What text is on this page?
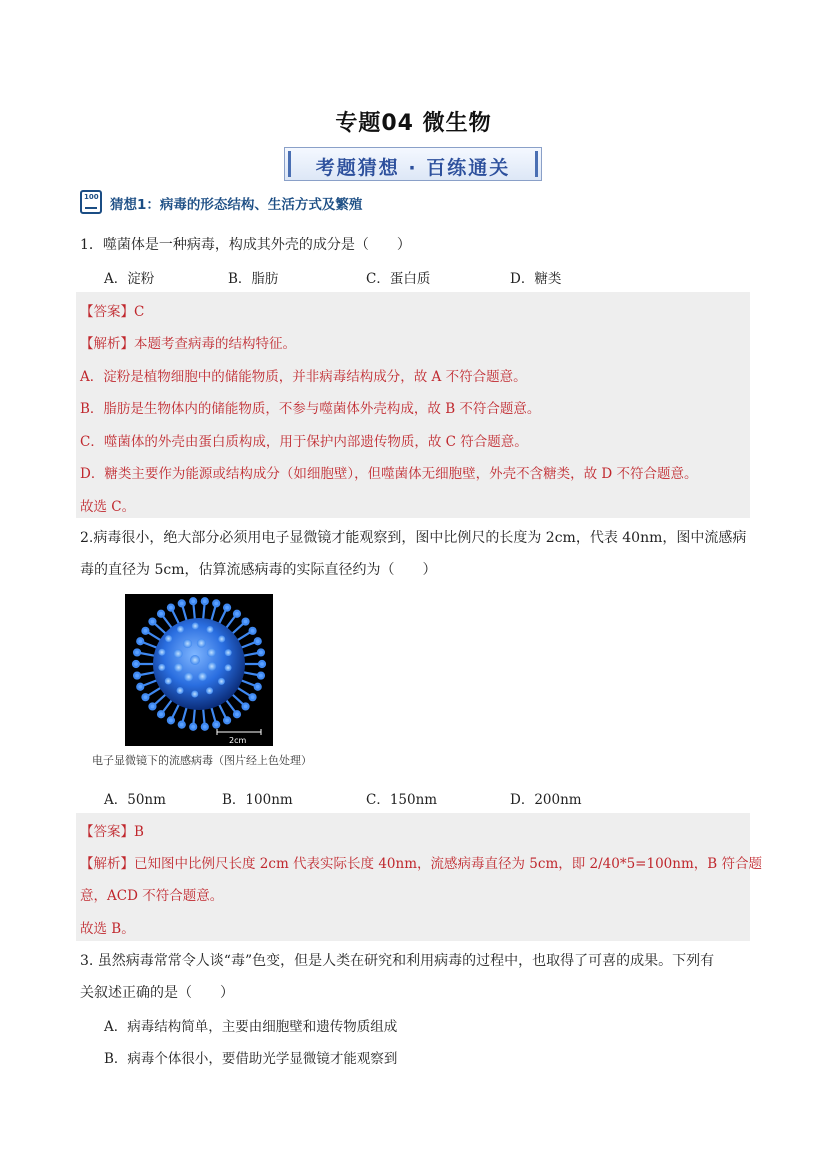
专题04 微生物
考题猜想 · 百练通关
100 猜想1：病毒的形态结构、生活方式及繁殖
1．噬菌体是一种病毒，构成其外壳的成分是（　　）
A．淀粉	B．脂肪	C．蛋白质	D．糖类
【答案】C
【解析】本题考查病毒的结构特征。
A．淀粉是植物细胞中的储能物质，并非病毒结构成分，故 A 不符合题意。
B．脂肪是生物体内的储能物质，不参与噬菌体外壳构成，故 B 不符合题意。
C．噬菌体的外壳由蛋白质构成，用于保护内部遗传物质，故 C 符合题意。
D．糖类主要作为能源或结构成分（如细胞壁），但噬菌体无细胞壁，外壳不含糖类，故 D 不符合题意。
故选 C。
2.病毒很小，绝大部分必须用电子显微镜才能观察到，图中比例尺的长度为 2cm，代表 40nm，图中流感病
毒的直径为 5cm，估算流感病毒的实际直径约为（　　）
2cm
电子显微镜下的流感病毒（图片经上色处理）
A．50nm	B．100nm	C．150nm	D．200nm
【答案】B
【解析】已知图中比例尺长度 2cm 代表实际长度 40nm，流感病毒直径为 5cm，即 2/40*5=100nm，B 符合题
意，ACD 不符合题意。
故选 B。
3. 虽然病毒常常令人谈“毒”色变，但是人类在研究和利用病毒的过程中，也取得了可喜的成果。下列有
关叙述正确的是（　　）
A．病毒结构简单，主要由细胞壁和遗传物质组成
B．病毒个体很小，要借助光学显微镜才能观察到
